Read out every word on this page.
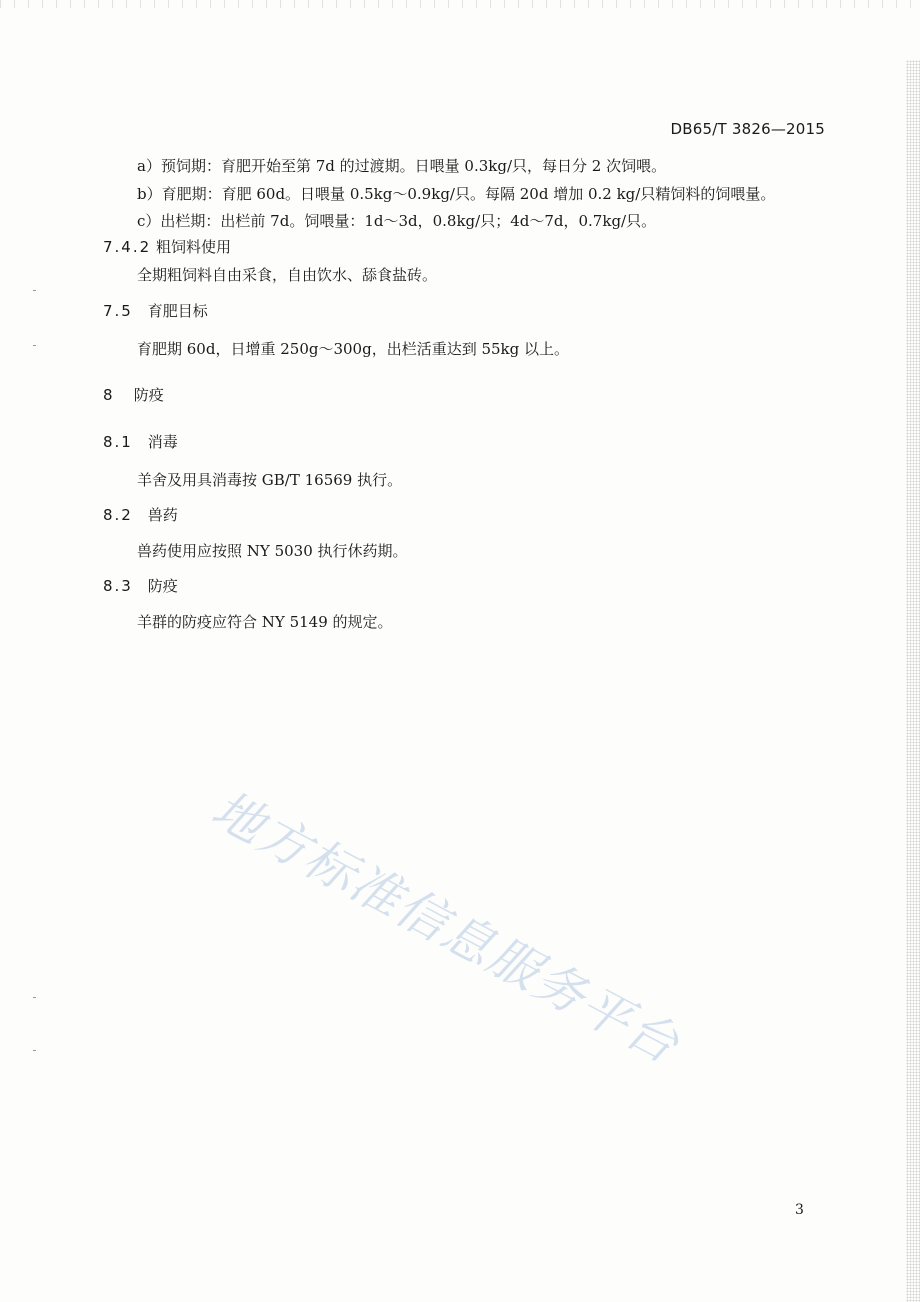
DB65/T 3826—2015
a）预饲期：育肥开始至第 7d 的过渡期。日喂量 0.3kg/只，每日分 2 次饲喂。
b）育肥期：育肥 60d。日喂量 0.5kg～0.9kg/只。每隔 20d 增加 0.2 kg/只精饲料的饲喂量。
c）出栏期：出栏前 7d。饲喂量：1d～3d，0.8kg/只；4d～7d，0.7kg/只。
7.4.2 粗饲料使用
全期粗饲料自由采食，自由饮水、舔食盐砖。
7.5 育肥目标
育肥期 60d，日增重 250g～300g，出栏活重达到 55kg 以上。
8 防疫
8.1 消毒
羊舍及用具消毒按 GB/T 16569 执行。
8.2 兽药
兽药使用应按照 NY 5030 执行休药期。
8.3 防疫
羊群的防疫应符合 NY 5149 的规定。
地方标准信息服务平台
3
